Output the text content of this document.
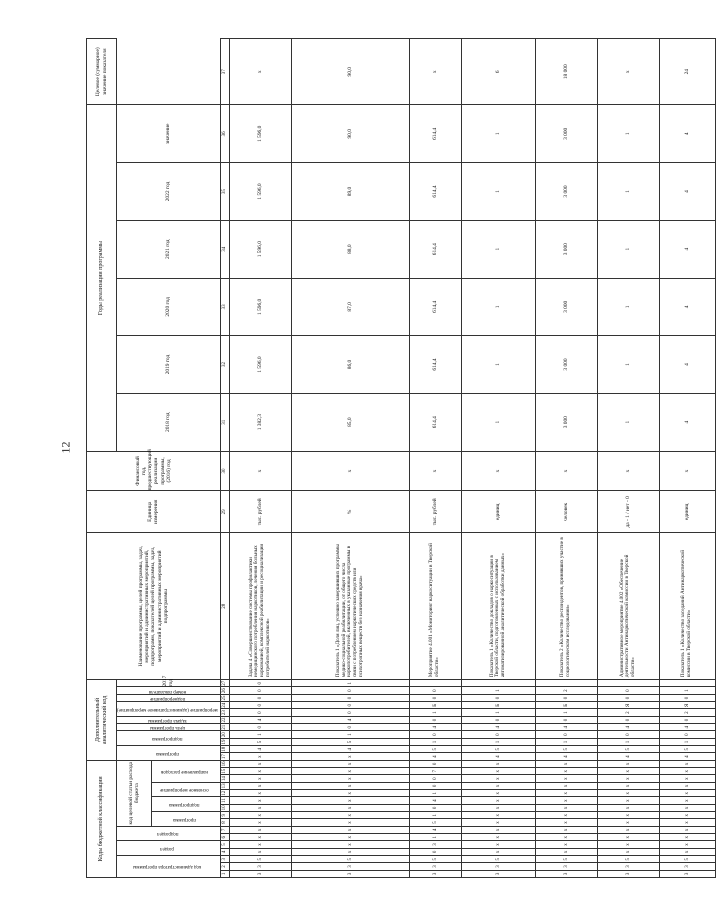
12
Коды бюджетной классификации																Дополнительный аналитический код											Наименование программы, целей программы, задач, мероприятий и административных мероприятий, подпрограмм, показателей целей программы, задач, мероприятий и административных мероприятий подпрограммы	Единица измерения	Финансовый год, предшествующий реализации программы, (2016) год	Годы реализации программы						Целевое (суммарное) значение показателя
код администратора программы			раздел		подраздел		код целевой статьи расхода бюджета									программа		подпрограмма		цель программы	задача программы	мероприятие (административное мероприятие)		подмероприятие	номер показателя	2017 год				2018 год	2019 год	2020 год	2021 год	2022 год	значение	
							программа		подпрограмма		основное мероприятие		направление расходов																							
1	2	3	4	5	6	7	8	9	10	11	12	13	14	15	16	17	18	19	20	21	22	23	24	25	26	27	28	29	30	31	32	33	34	35	36	37
3	3	5	х	х	х	х	х	х	х	х	х	х	х	х	х	х	4	5	1	0	4	0	0	0	0	0	Задача 4 «Совершенствование системы профилактики немедицинского потребления наркотиков, лечения больных наркоманией, комплексной реабилитации и ресоциализации потребителей наркотиков»	тыс. рублей	х	1 382,3	1 596,0	1 596,0	1 596,0	1 596,0	1 596,0	х
3	3	5	х	х	х	х	х	х	х	х	х	х	х	х	х	х	4	5	1	0	4	0	0	0	0	1	Показатель 1 «Доля лиц, успешно завершивших программы медико-социальной реабилитации, от общего числа наркопотребителей, включенных в указанные программы в связи с потреблением наркотических средств или психотропных веществ без назначения врача»	%	х	85,0	86,0	87,0	88,0	89,0	90,0	90,0
3	3	5	0	3	1	4	5	1	0	4	1	0	0	7	0	4	5	1	0	4	0	1	Б	0	0		Мероприятие 4.001 «Мониторинг наркоситуации в Тверской области»	тыс. рублей	х	614,4	614,4	614,4	614,4	614,4	614,4	х
3	3	5	х	х	х	х	х	х	х	х	х	х	х	х	х	4	5	1	0	4	0	1	Б	0	1		Показатель 1 «Количество докладов о наркоситуации в Тверской области, подготовленных с использованием автоматизированной аналитической обработки данных»	единиц	х	1	1	1	1	1	1	6
3	3	5	х	х	х	х	х	х	х	х	х	х	х	х	х	4	5	1	0	4	0	1	Б	0	2		Показатель 2 «Количество респондентов, принявших участие в социологическом исследовании»	человек	х	3 000	3 000	3 000	3 000	3 000	3 000	18 000
3	3	5	х	х	х	х	х	х	х	х	х	х	х	х	х	4	5	1	0	4	0	2	Я	0	0		Административное мероприятие 4.002 «Обеспечение деятельности Антинаркотической комиссии в Тверской области»	да - 1 / нет - 0	х	1	1	1	1	1	1	х
3	3	5	х	х	х	х	х	х	х	х	х	х	х	х	х	4	5	1	0	4	0	2	Я	0	1		Показатель 1 «Количество заседаний Антинаркотической комиссии в Тверской области»	единиц	х	4	4	4	4	4	4	24
